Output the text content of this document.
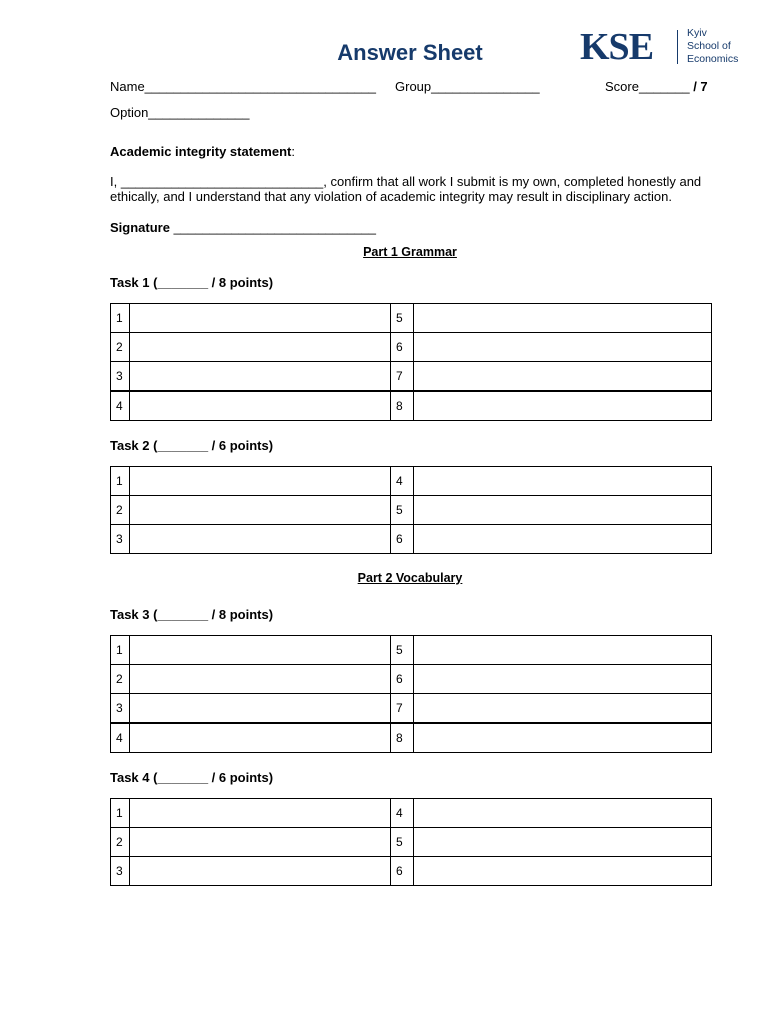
Answer Sheet	KSE	Kyiv
School of
Economics
Name________________________________ Group_______________	Score_______ / 7
Option______________
Academic integrity statement:
I, ____________________________, confirm that all work I submit is my own, completed honestly and ethically, and I understand that any violation of academic integrity may result in disciplinary action.
Signature ____________________________
Part 1 Grammar
Task 1 (_______ / 8 points)
1		5	
2		6	
3		7	
4		8	
Task 2 (_______ / 6 points)
1		4	
2		5	
3		6	
Part 2 Vocabulary
Task 3 (_______ / 8 points)
1		5	
2		6	
3		7	
4		8	
Task 4 (_______ / 6 points)
1		4	
2		5	
3		6	
